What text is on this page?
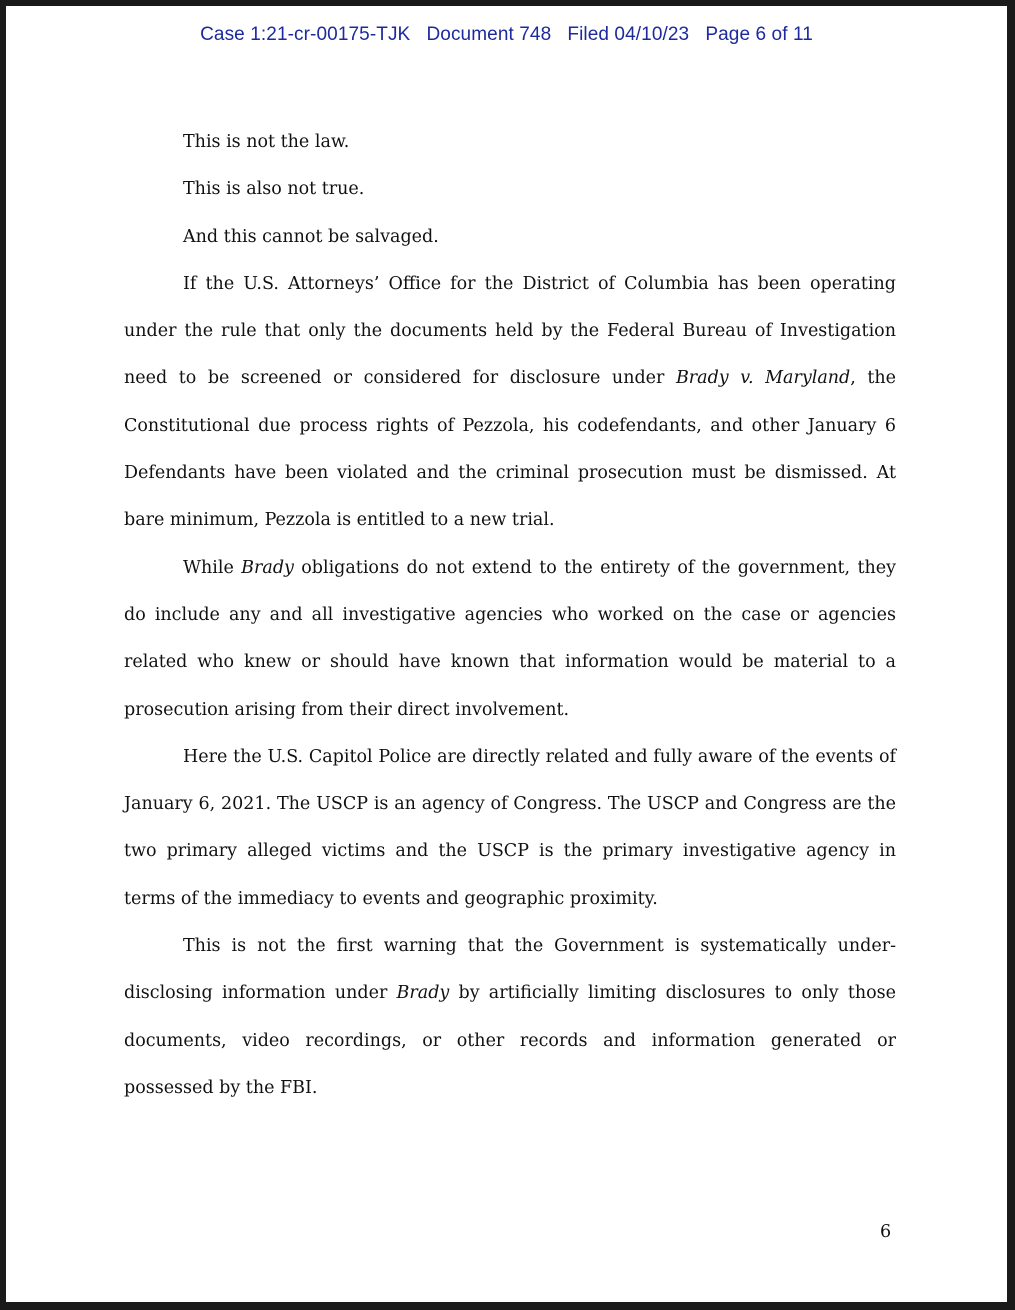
Case 1:21-cr-00175-TJK   Document 748   Filed 04/10/23   Page 6 of 11

This is not the law.

This is also not true.

And this cannot be salvaged.

If the U.S. Attorneys’ Office for the District of Columbia has been operating under the rule that only the documents held by the Federal Bureau of Investigation need to be screened or considered for disclosure under Brady v. Maryland, the Constitutional due process rights of Pezzola, his codefendants, and other January 6 Defendants have been violated and the criminal prosecution must be dismissed. At bare minimum, Pezzola is entitled to a new trial.

While Brady obligations do not extend to the entirety of the government, they do include any and all investigative agencies who worked on the case or agencies related who knew or should have known that information would be material to a prosecution arising from their direct involvement.

Here the U.S. Capitol Police are directly related and fully aware of the events of January 6, 2021. The USCP is an agency of Congress. The USCP and Congress are the two primary alleged victims and the USCP is the primary investigative agency in terms of the immediacy to events and geographic proximity.

This is not the first warning that the Government is systematically under-disclosing information under Brady by artificially limiting disclosures to only those documents, video recordings, or other records and information generated or possessed by the FBI.

6
